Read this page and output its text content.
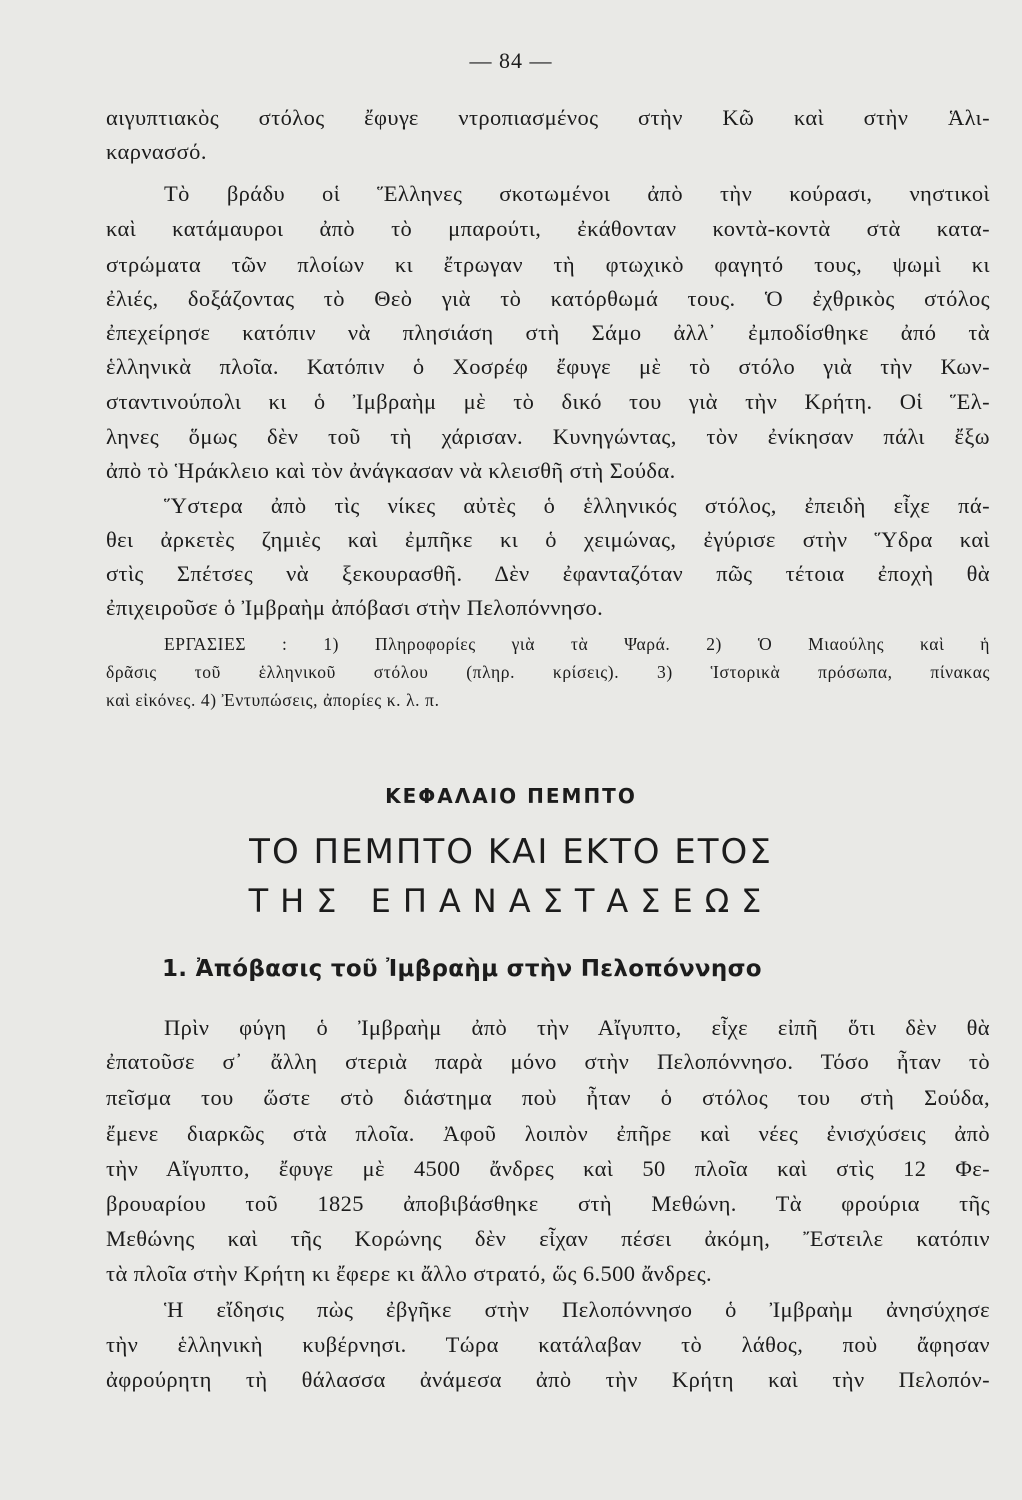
— 84 —
αιγυπτιακὸς στόλος ἔφυγε ντροπιασμένος στὴν Κῶ καὶ στὴν Ἁλι-
καρνασσό.
Τὸ βράδυ οἱ Ἕλληνες σκοτωμένοι ἀπὸ τὴν κούρασι, νηστικοὶ
καὶ κατάμαυροι ἀπὸ τὸ μπαρούτι, ἐκάθονταν κοντὰ-κοντὰ στὰ κατα-
στρώματα τῶν πλοίων κι ἔτρωγαν τὴ φτωχικὸ φαγητό τους, ψωμὶ κι
ἐλιές, δοξάζοντας τὸ Θεὸ γιὰ τὸ κατόρθωμά τους. Ὁ ἐχθρικὸς στόλος
ἐπεχείρησε κατόπιν νὰ πλησιάση στὴ Σάμο ἀλλ᾿ ἐμποδίσθηκε ἀπό τὰ
ἑλληνικὰ πλοῖα. Κατόπιν ὁ Χοσρέφ ἔφυγε μὲ τὸ στόλο γιὰ τὴν Κων-
σταντινούπολι κι ὁ Ἰμβραὴμ μὲ τὸ δικό του γιὰ τὴν Κρήτη. Οἱ Ἕλ-
ληνες ὅμως δὲν τοῦ τὴ χάρισαν. Κυνηγώντας, τὸν ἐνίκησαν πάλι ἔξω
ἀπὸ τὸ Ἡράκλειο καὶ τὸν ἀνάγκασαν νὰ κλεισθῆ στὴ Σούδα.
Ὕστερα ἀπὸ τὶς νίκες αὐτὲς ὁ ἑλληνικός στόλος, ἐπειδὴ εἶχε πά-
θει ἀρκετὲς ζημιὲς καὶ ἐμπῆκε κι ὁ χειμώνας, ἐγύρισε στὴν Ὕδρα καὶ
στὶς Σπέτσες νὰ ξεκουρασθῆ. Δὲν ἐφανταζόταν πῶς τέτοια ἐποχὴ θὰ
ἐπιχειροῦσε ὁ Ἰμβραὴμ ἀπόβασι στὴν Πελοπόννησο.
ΕΡΓΑΣΙΕΣ : 1) Πληροφορίες γιὰ τὰ Ψαρά. 2) Ὁ Μιαούλης καὶ ἡ
δρᾶσις τοῦ ἑλληνικοῦ στόλου (πληρ. κρίσεις). 3) Ἱστορικὰ πρόσωπα, πίνακας
καὶ εἰκόνες. 4) Ἐντυπώσεις, ἀπορίες κ. λ. π.
ΚΕΦΑΛΑΙΟ ΠΕΜΠΤΟ
ΤΟ ΠΕΜΠΤΟ ΚΑΙ ΕΚΤΟ ΕΤΟΣ
ΤΗΣ ΕΠΑΝΑΣΤΑΣΕΩΣ
1. Ἀπόβασις τοῦ Ἰμβραὴμ στὴν Πελοπόννησο
Πρὶν φύγη ὁ Ἰμβραὴμ ἀπὸ τὴν Αἴγυπτο, εἶχε εἰπῆ ὅτι δὲν θὰ
ἐπατοῦσε σ᾿ ἄλλη στεριὰ παρὰ μόνο στὴν Πελοπόννησο. Τόσο ἦταν τὸ
πεῖσμα του ὥστε στὸ διάστημα ποὺ ἦταν ὁ στόλος του στὴ Σούδα,
ἔμενε διαρκῶς στὰ πλοῖα. Ἀφοῦ λοιπὸν ἐπῆρε καὶ νέες ἐνισχύσεις ἀπὸ
τὴν Αἴγυπτο, ἔφυγε μὲ 4500 ἄνδρες καὶ 50 πλοῖα καὶ στὶς 12 Φε-
βρουαρίου τοῦ 1825 ἀποβιβάσθηκε στὴ Μεθώνη. Τὰ φρούρια τῆς
Μεθώνης καὶ τῆς Κορώνης δὲν εἶχαν πέσει ἀκόμη, Ἔστειλε κατόπιν
τὰ πλοῖα στὴν Κρήτη κι ἔφερε κι ἄλλο στρατό, ὥς 6.500 ἄνδρες.
Ἡ εἴδησις πὼς ἐβγῆκε στὴν Πελοπόννησο ὁ Ἰμβραὴμ ἀνησύχησε
τὴν ἑλληνικὴ κυβέρνησι. Τώρα κατάλαβαν τὸ λάθος, ποὺ ἄφησαν
ἀφρούρητη τὴ θάλασσα ἀνάμεσα ἀπὸ τὴν Κρήτη καὶ τὴν Πελοπόν-
